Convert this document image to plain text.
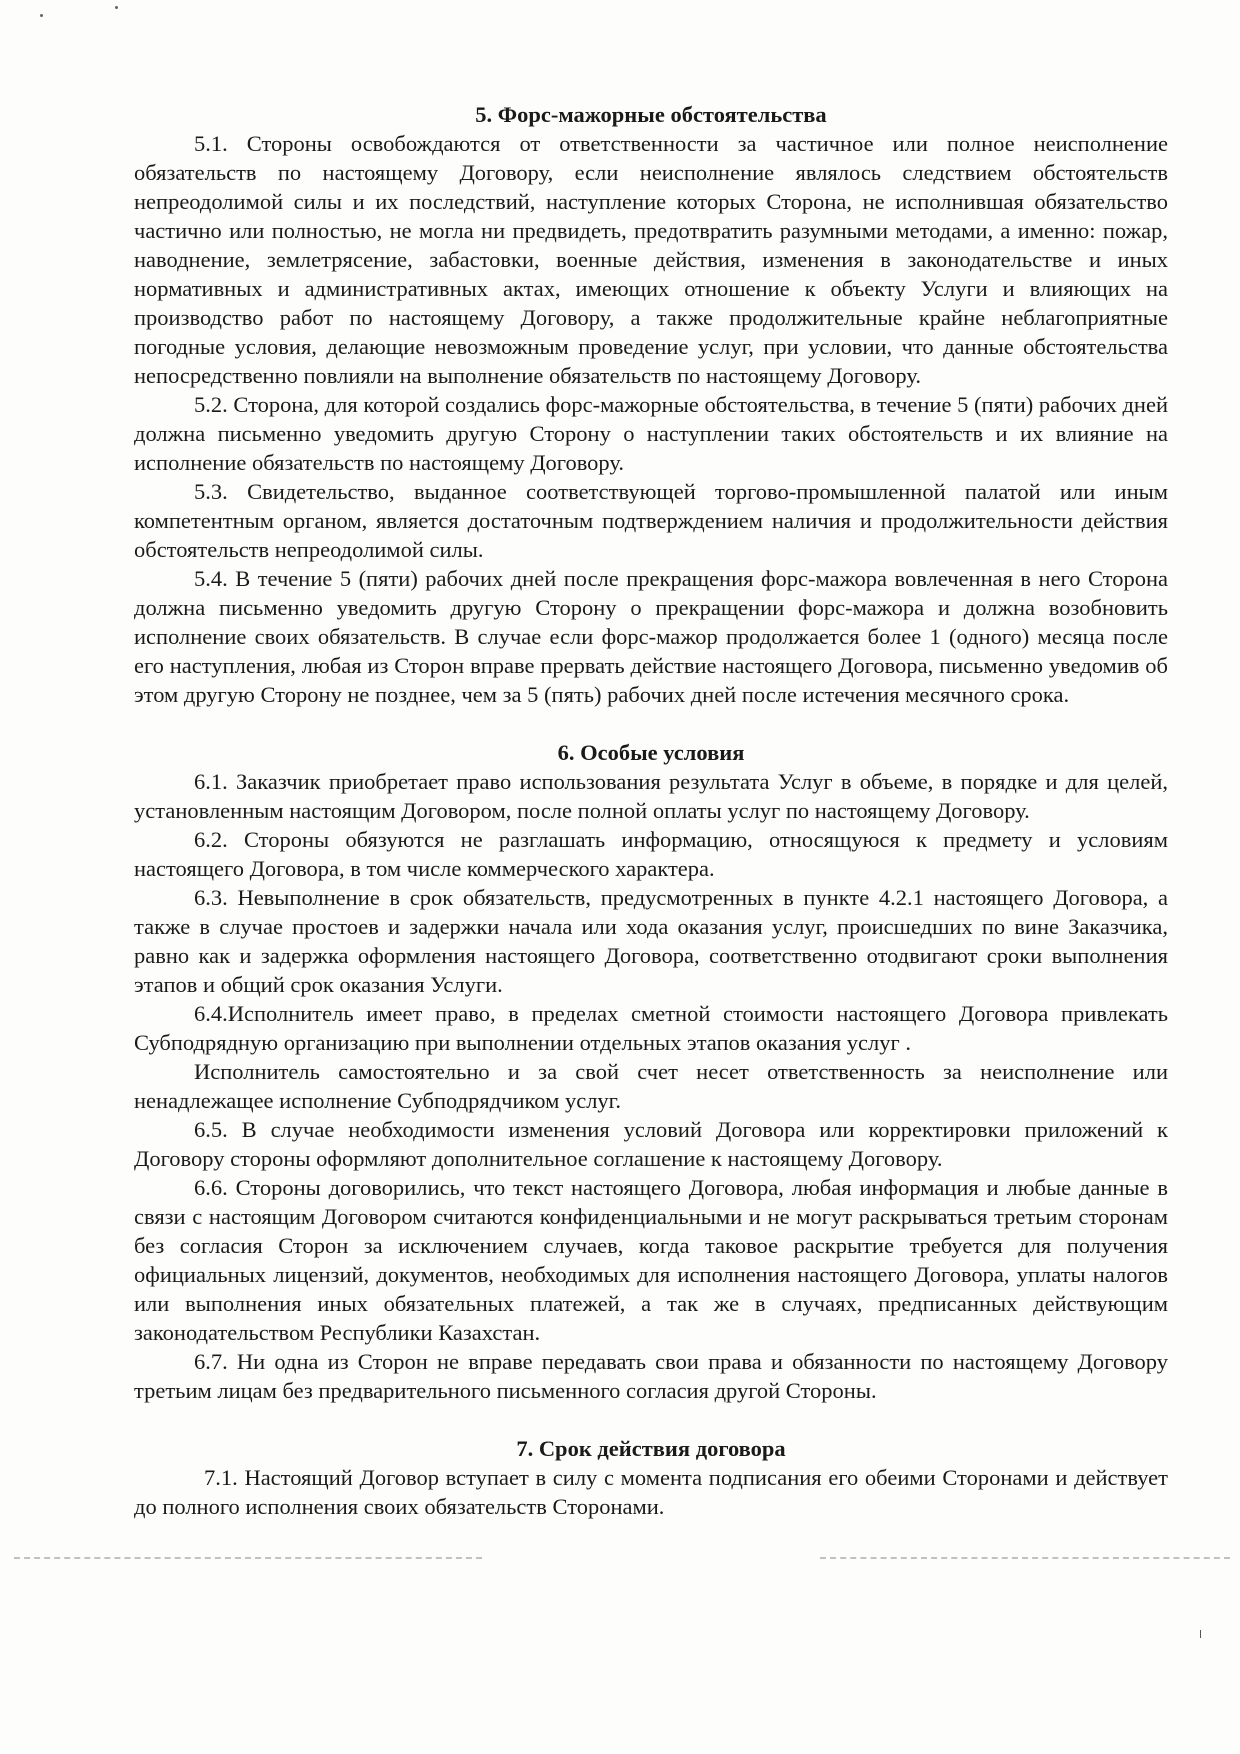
5. Форс-мажорные обстоятельства

5.1. Стороны освобождаются от ответственности за частичное или полное неисполнение обязательств по настоящему Договору, если неисполнение являлось следствием обстоятельств непреодолимой силы и их последствий, наступление которых Сторона, не исполнившая обязательство частично или полностью, не могла ни предвидеть, предотвратить разумными методами, а именно: пожар, наводнение, землетрясение, забастовки, военные действия, изменения в законодательстве и иных нормативных и административных актах, имеющих отношение к объекту Услуги и влияющих на производство работ по настоящему Договору, а также продолжительные крайне неблагоприятные погодные условия, делающие невозможным проведение услуг, при условии, что данные обстоятельства непосредственно повлияли на выполнение обязательств по настоящему Договору.

5.2. Сторона, для которой создались форс-мажорные обстоятельства, в течение 5 (пяти) рабочих дней должна письменно уведомить другую Сторону о наступлении таких обстоятельств и их влияние на исполнение обязательств по настоящему Договору.

5.3. Свидетельство, выданное соответствующей торгово-промышленной палатой или иным компетентным органом, является достаточным подтверждением наличия и продолжительности действия обстоятельств непреодолимой силы.

5.4. В течение 5 (пяти) рабочих дней после прекращения форс-мажора вовлеченная в него Сторона должна письменно уведомить другую Сторону о прекращении форс-мажора и должна возобновить исполнение своих обязательств. В случае если форс-мажор продолжается более 1 (одного) месяца после его наступления, любая из Сторон вправе прервать действие настоящего Договора, письменно уведомив об этом другую Сторону не позднее, чем за 5 (пять) рабочих дней после истечения месячного срока.

6. Особые условия

6.1. Заказчик приобретает право использования результата Услуг в объеме, в порядке и для целей, установленным настоящим Договором, после полной оплаты услуг по настоящему Договору.

6.2. Стороны обязуются не разглашать информацию, относящуюся к предмету и условиям настоящего Договора, в том числе коммерческого характера.

6.3. Невыполнение в срок обязательств, предусмотренных в пункте 4.2.1 настоящего Договора, а также в случае простоев и задержки начала или хода оказания услуг, происшедших по вине Заказчика, равно как и задержка оформления настоящего Договора, соответственно отодвигают сроки выполнения этапов и общий срок оказания Услуги.

6.4.Исполнитель имеет право, в пределах сметной стоимости настоящего Договора привлекать Субподрядную организацию при выполнении отдельных этапов оказания услуг .

Исполнитель самостоятельно и за свой счет несет ответственность за неисполнение или ненадлежащее исполнение Субподрядчиком услуг.

6.5. В случае необходимости изменения условий Договора или корректировки приложений к Договору стороны оформляют дополнительное соглашение к настоящему Договору.

6.6. Стороны договорились, что текст настоящего Договора, любая информация и любые данные в связи с настоящим Договором считаются конфиденциальными и не могут раскрываться третьим сторонам без согласия Сторон за исключением случаев, когда таковое раскрытие требуется для получения официальных лицензий, документов, необходимых для исполнения настоящего Договора, уплаты налогов или выполнения иных обязательных платежей, а так же в случаях, предписанных действующим законодательством Республики Казахстан.

6.7. Ни одна из Сторон не вправе передавать свои права и обязанности по настоящему Договору третьим лицам без предварительного письменного согласия другой Стороны.

7. Срок действия договора

7.1. Настоящий Договор вступает в силу с момента подписания его обеими Сторонами и действует до полного исполнения своих обязательств Сторонами.
